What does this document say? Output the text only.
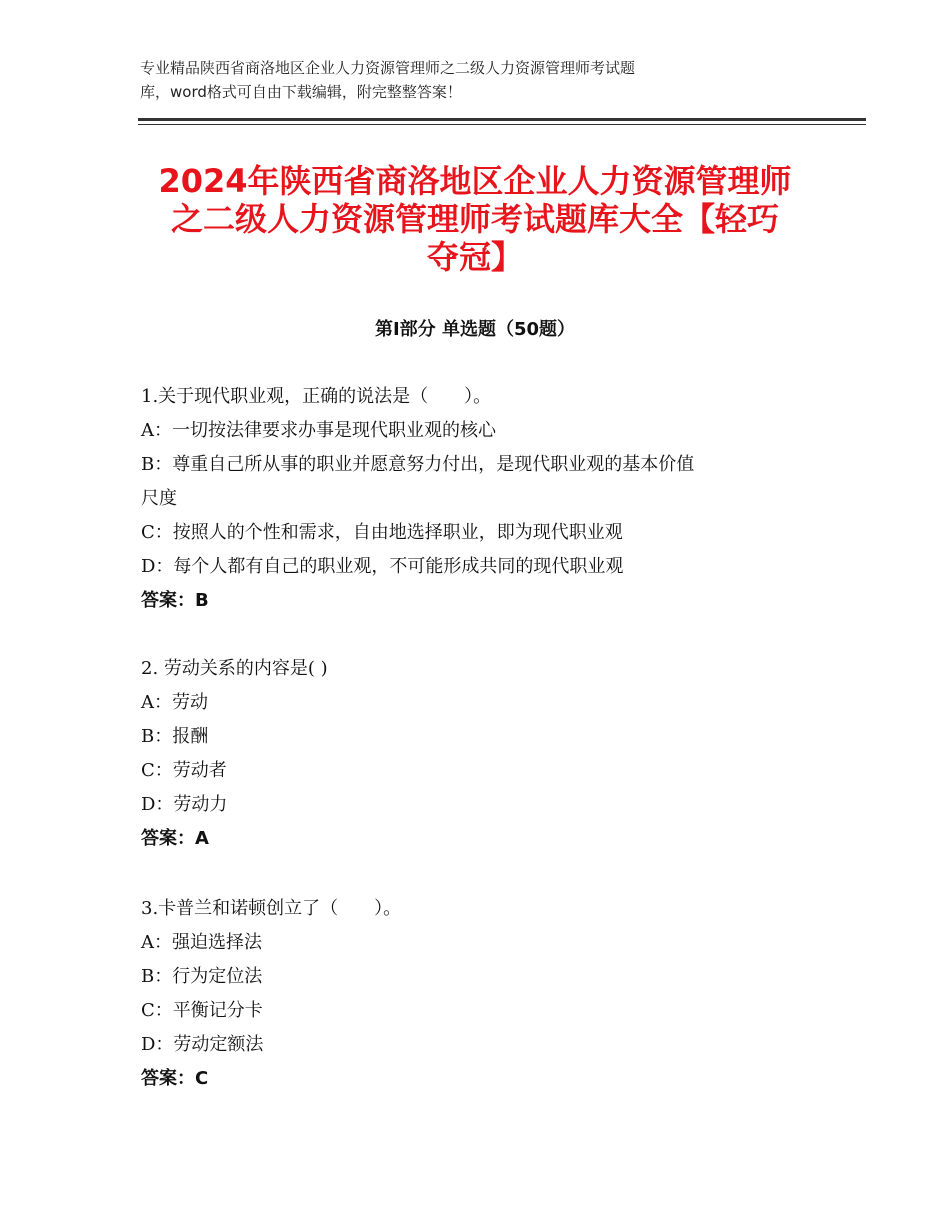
专业精品陕西省商洛地区企业人力资源管理师之二级人力资源管理师考试题
库，word格式可自由下载编辑，附完整整答案！
2024年陕西省商洛地区企业人力资源管理师
之二级人力资源管理师考试题库大全【轻巧
夺冠】
第Ⅰ部分 单选题（50题）
1.关于现代职业观，正确的说法是（　　）。
A：一切按法律要求办事是现代职业观的核心
B：尊重自己所从事的职业并愿意努力付出，是现代职业观的基本价值
尺度
C：按照人的个性和需求，自由地选择职业，即为现代职业观
D：每个人都有自己的职业观，不可能形成共同的现代职业观
答案：B
2. 劳动关系的内容是( )
A：劳动
B：报酬
C：劳动者
D：劳动力
答案：A
3.卡普兰和诺顿创立了（　　）。
A：强迫选择法
B：行为定位法
C：平衡记分卡
D：劳动定额法
答案：C
